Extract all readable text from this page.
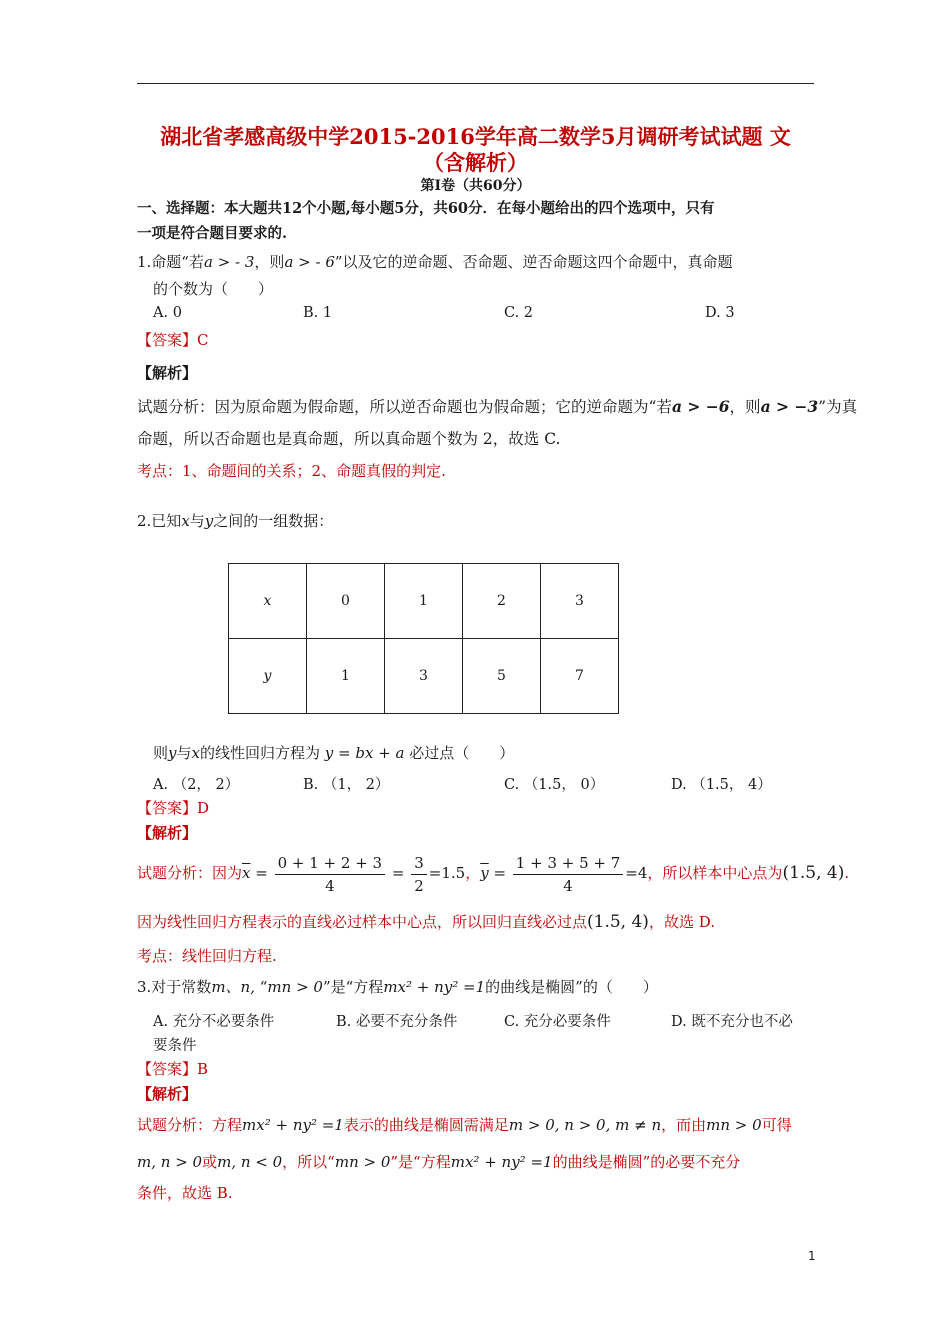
湖北省孝感高级中学2015-2016学年高二数学5月调研考试试题 文
（含解析）
第Ⅰ卷（共60分）
一、选择题：本大题共12个小题,每小题5分，共60分．在每小题给出的四个选项中，只有
一项是符合题目要求的.
1.命题“若a > - 3，则a > - 6”以及它的逆命题、否命题、逆否命题这四个命题中，真命题
的个数为（　　）
A. 0	B. 1	C. 2	D. 3
【答案】C
【解析】
试题分析：因为原命题为假命题，所以逆否命题也为假命题；它的逆命题为“若a > −6，则a > −3”为真
命题，所以否命题也是真命题，所以真命题个数为 2，故选 C.
考点：1、命题间的关系；2、命题真假的判定.
2.已知x与y之间的一组数据：
x	0	1	2	3
y	1	3	5	7
则y与x的线性回归方程为 y = bx + a 必过点（　　）
A. （2， 2）	B. （1， 2）	C. （1.5， 0）	D. （1.5， 4）
【答案】D
【解析】
试题分析：因为$\overline{x} = \frac{0 + 1 + 2 + 3}{4} = \frac{3}{2} =1.5$，$\overline{y} = \frac{1 + 3 + 5 + 7}{4} =4$，所以样本中心点为(1.5, 4).
因为线性回归方程表示的直线必过样本中心点，所以回归直线必过点(1.5, 4)，故选 D.
考点：线性回归方程.
3.对于常数m、n, “mn > 0”是“方程mx² + ny² =1的曲线是椭圆”的（　　）
A. 充分不必要条件	B. 必要不充分条件	C. 充分必要条件	D. 既不充分也不必
要条件
【答案】B
【解析】
试题分析：方程mx² + ny² =1表示的曲线是椭圆需满足m > 0, n > 0, m ≠ n，而由mn > 0可得
m, n > 0或m, n < 0，所以“mn > 0”是“方程mx² + ny² =1的曲线是椭圆”的必要不充分
条件，故选 B.
1
